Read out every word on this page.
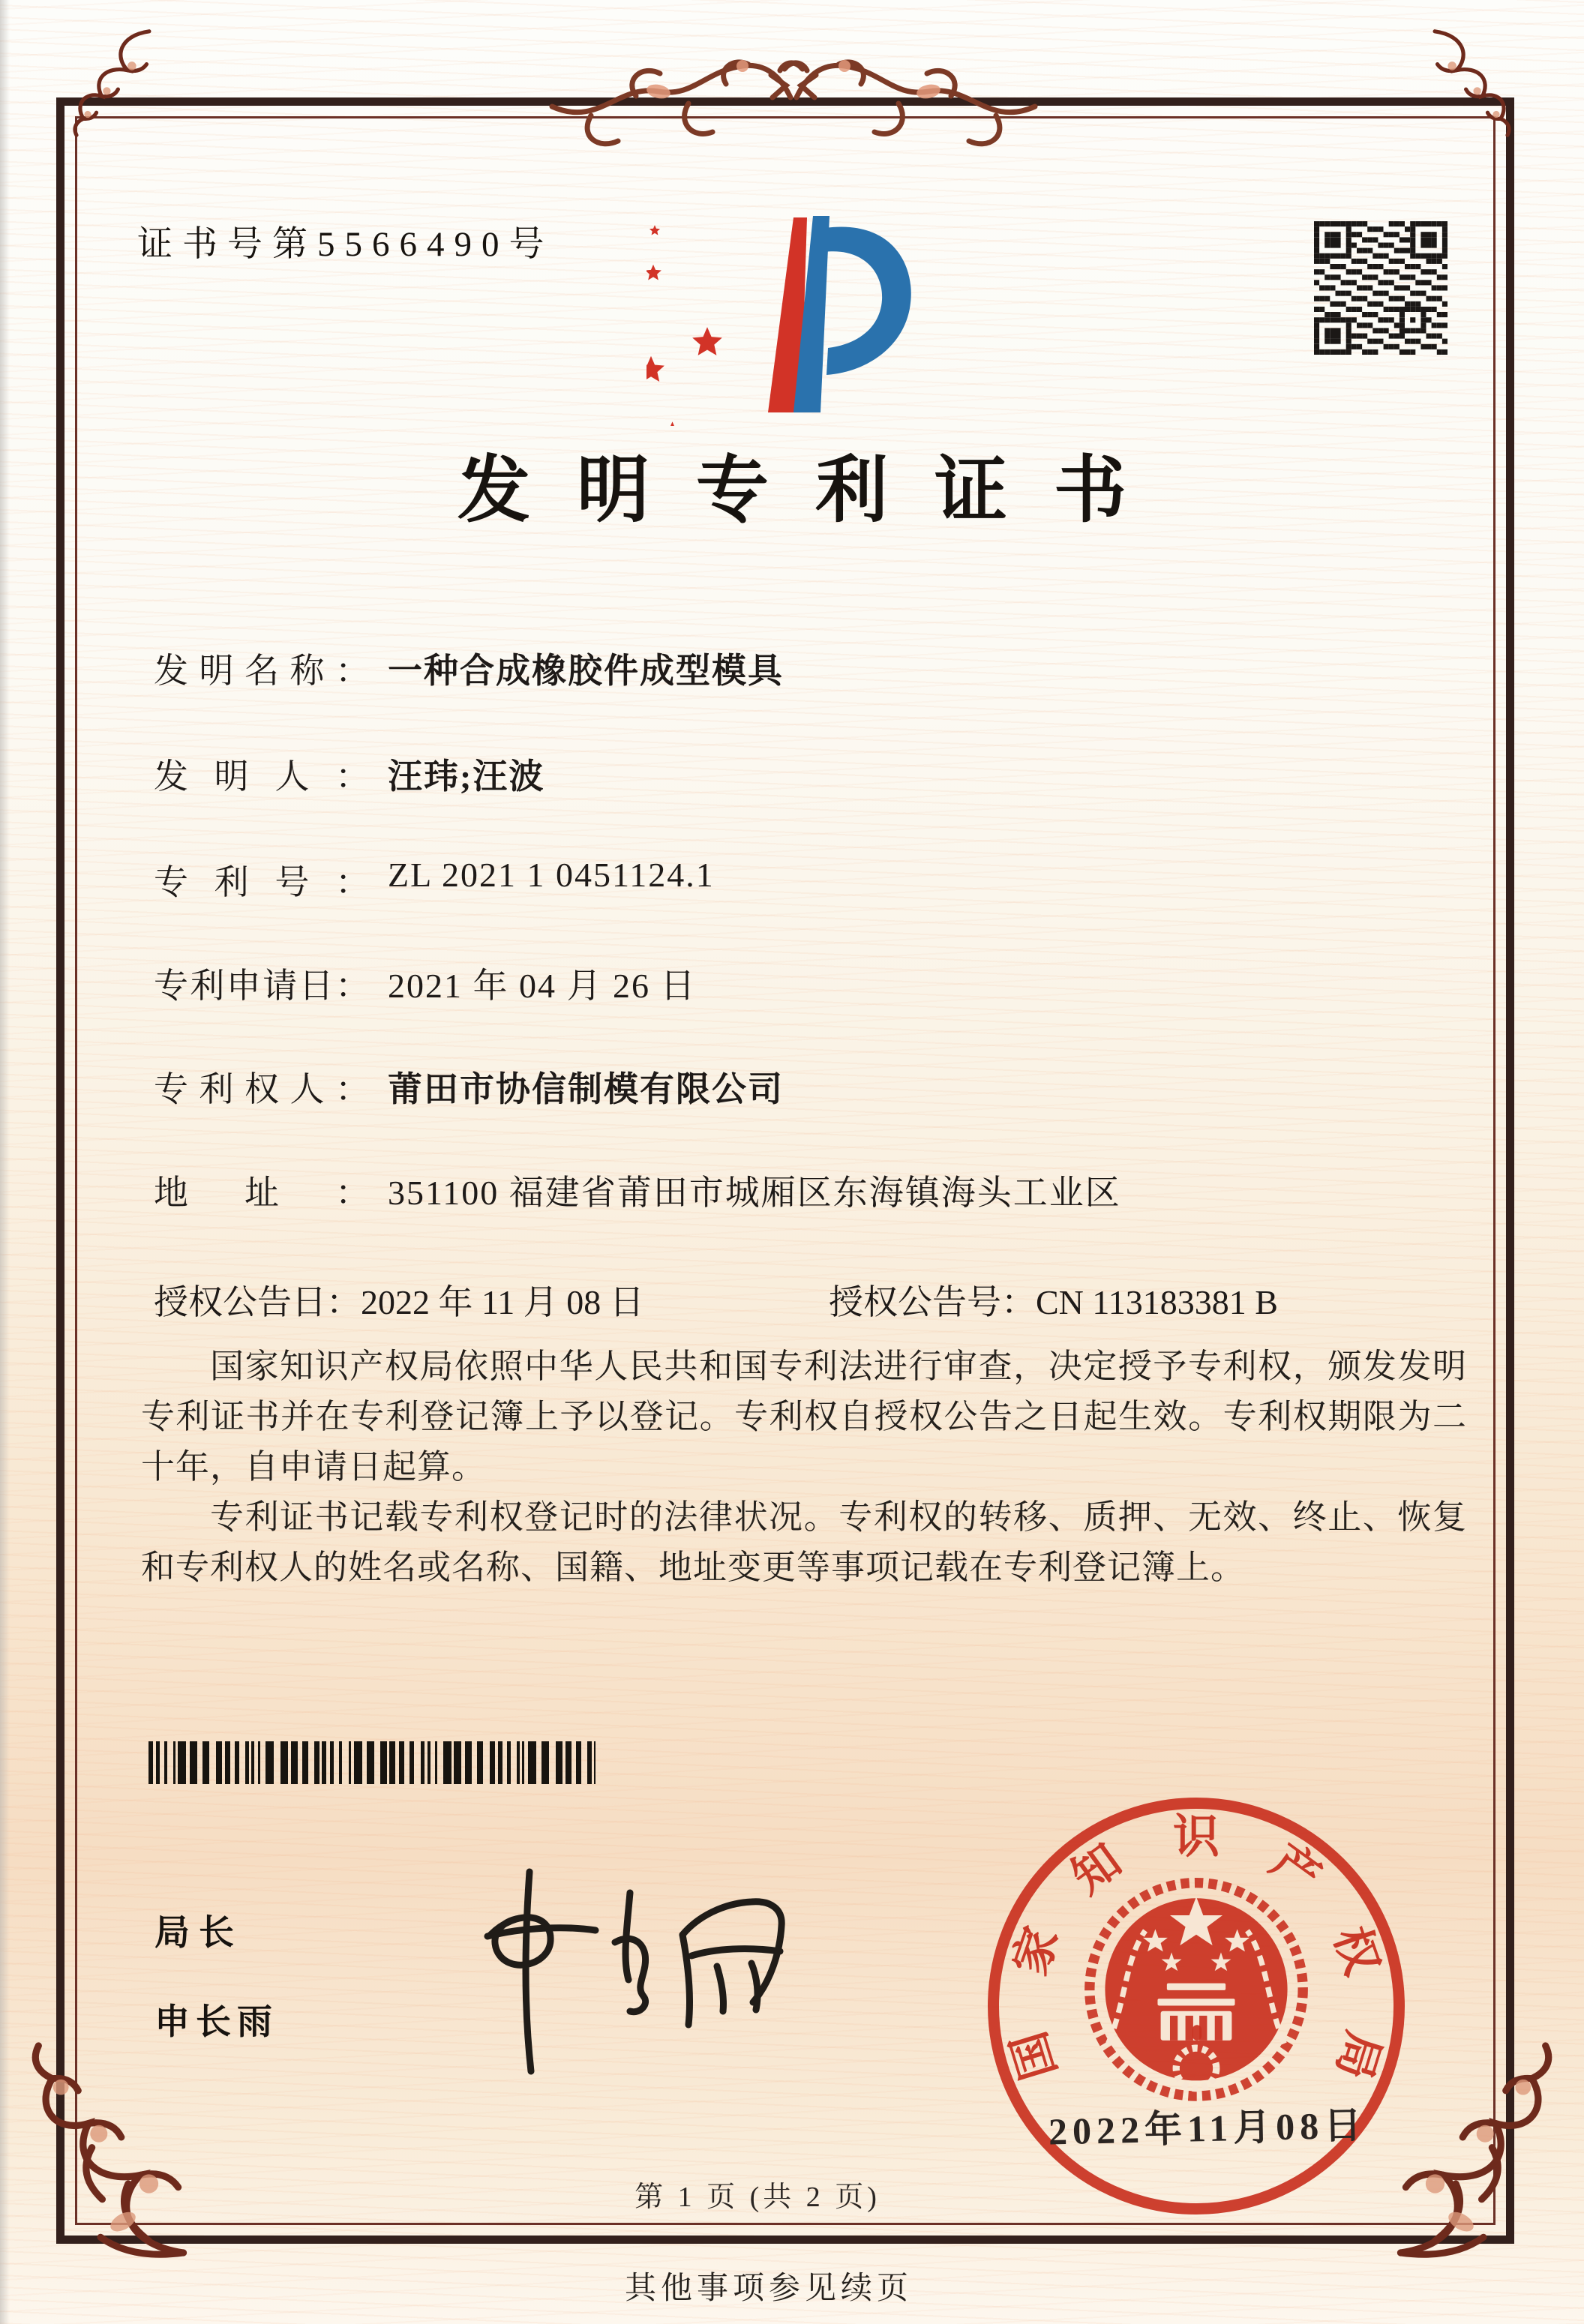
证书号第5566490号
发明专利证书
发明名称： 一种合成橡胶件成型模具
发明人： 汪玮;汪波
专利号： ZL 2021 1 0451124.1
专利申请日： 2021 年 04 月 26 日
专利权人： 莆田市协信制模有限公司
地址： 351100 福建省莆田市城厢区东海镇海头工业区
授权公告日：2022 年 11 月 08 日	授权公告号：CN 113183381 B

国家知识产权局依照中华人民共和国专利法进行审查，决定授予专利权，颁发发明专利证书并在专利登记簿上予以登记。专利权自授权公告之日起生效。专利权期限为二十年，自申请日起算。

专利证书记载专利权登记时的法律状况。专利权的转移、质押、无效、终止、恢复和专利权人的姓名或名称、国籍、地址变更等事项记载在专利登记簿上。

局长
申长雨
国
家
知 识 产
权
局
2022年11月08日
第 1 页 (共 2 页)
其他事项参见续页
